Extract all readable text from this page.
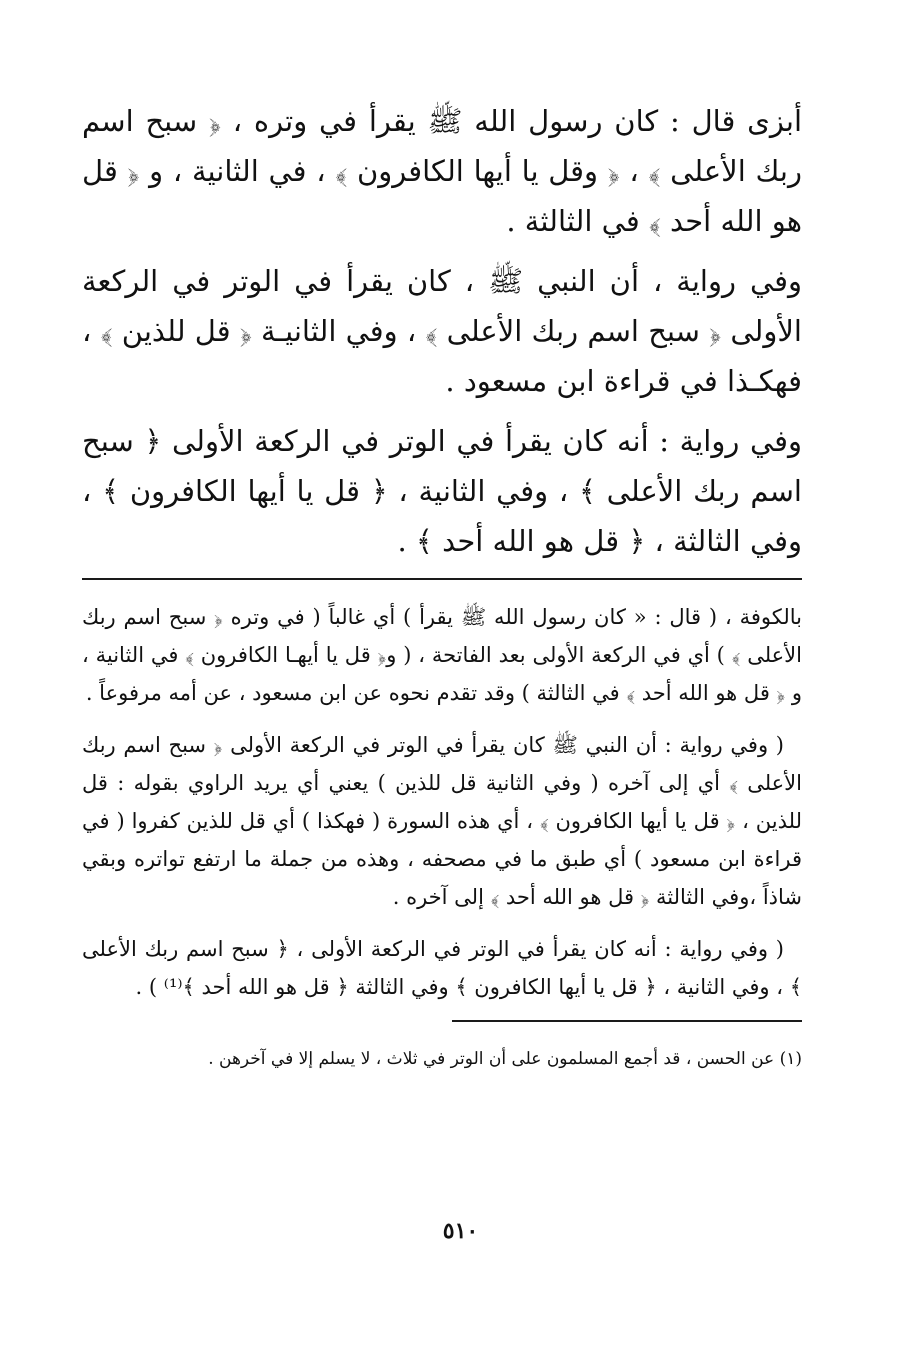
أبزى قال : كان رسول الله ﷺ يقرأ في وتره ، ﴿ سبح اسم ربك الأعلى ﴾ ، ﴿ وقل يا أيها الكافرون ﴾ ، في الثانية ، و ﴿ قل هو الله أحد ﴾ في الثالثة .

وفي رواية ، أن النبي ﷺ ، كان يقرأ في الوتر في الركعة الأولى ﴿ سبح اسم ربك الأعلى ﴾ ، وفي الثانيـة ﴿ قل للذين ﴾ ، فهكـذا في قراءة ابن مسعود .

وفي رواية : أنه كان يقرأ في الوتر في الركعة الأولى ﴿ سبح اسم ربك الأعلى ﴾ ، وفي الثانية ، ﴿ قل يا أيها الكافرون ﴾ ، وفي الثالثة ، ﴿ قل هو الله أحد ﴾ .

بالكوفة ، ( قال : « كان رسول الله ﷺ يقرأ ) أي غالباً ( في وتره ﴿ سبح اسم ربك الأعلى ﴾ ) أي في الركعة الأولى بعد الفاتحة ، ( و﴿ قل يا أيهـا الكافرون ﴾ في الثانية ، و ﴿ قل هو الله أحد ﴾ في الثالثة ) وقد تقدم نحوه عن ابن مسعود ، عن أمه مرفوعاً .

( وفي رواية : أن النبي ﷺ كان يقرأ في الوتر في الركعة الأولى ﴿ سبح اسم ربك الأعلى ﴾ أي إلى آخره ( وفي الثانية قل للذين ) يعني أي يريد الراوي بقوله : قل للذين ، ﴿ قل يا أيها الكافرون ﴾ ، أي هذه السورة ( فهكذا ) أي قل للذين كفروا ( في قراءة ابن مسعود ) أي طبق ما في مصحفه ، وهذه من جملة ما ارتفع تواتره وبقي شاذاً ،وفي الثالثة ﴿ قل هو الله أحد ﴾ إلى آخره .

( وفي رواية : أنه كان يقرأ في الوتر في الركعة الأولى ، ﴿ سبح اسم ربك الأعلى ﴾ ، وفي الثانية ، ﴿ قل يا أيها الكافرون ﴾ وفي الثالثة ﴿ قل هو الله أحد ﴾⁽¹⁾ ) .

(١) عن الحسن ، قد أجمع المسلمون على أن الوتر في ثلاث ، لا يسلم إلا في آخرهن .

٥١٠
